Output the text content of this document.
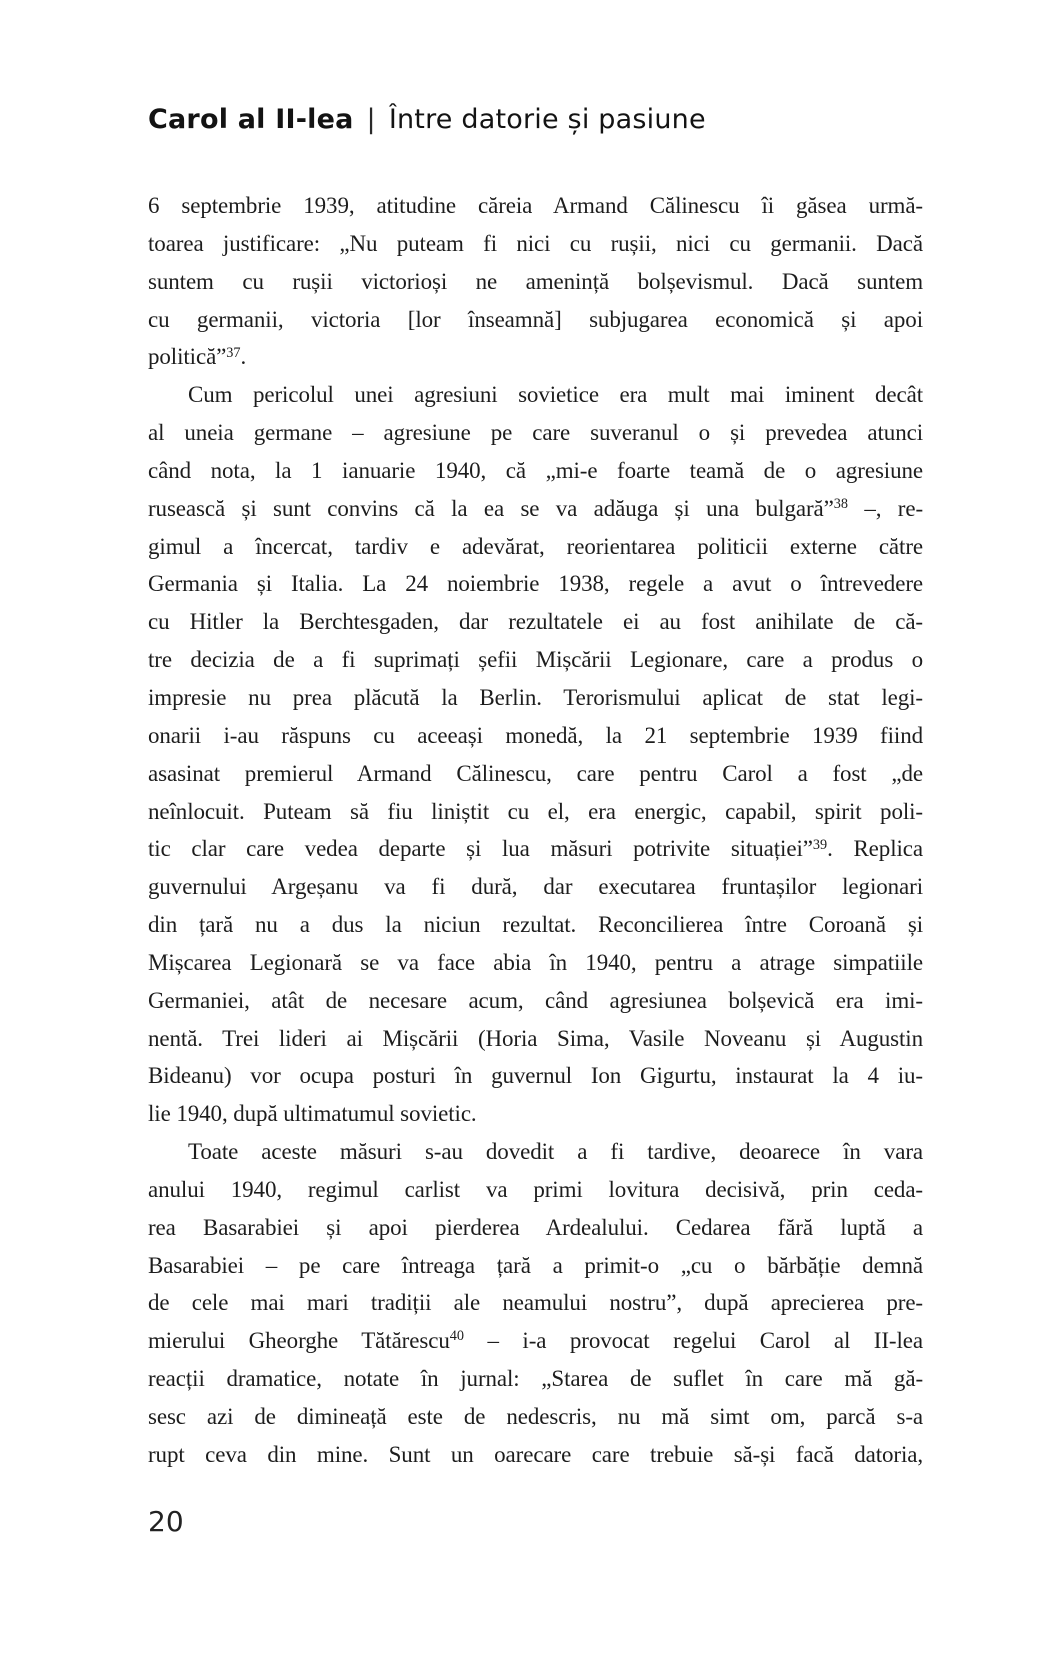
Carol al II-lea | Între datorie și pasiune

6 septembrie 1939, atitudine căreia Armand Călinescu îi găsea urmă-
toarea justificare: „Nu puteam fi nici cu rușii, nici cu germanii. Dacă
suntem cu rușii victorioși ne amenință bolșevismul. Dacă suntem
cu germanii, victoria [lor înseamnă] subjugarea economică și apoi
politică”$^{37}$.

Cum pericolul unei agresiuni sovietice era mult mai iminent decât
al uneia germane – agresiune pe care suveranul o și prevedea atunci
când nota, la 1 ianuarie 1940, că „mi-e foarte teamă de o agresiune
rusească și sunt convins că la ea se va adăuga și una bulgară”$^{38}$ –, re-
gimul a încercat, tardiv e adevărat, reorientarea politicii externe către
Germania și Italia. La 24 noiembrie 1938, regele a avut o întrevedere
cu Hitler la Berchtesgaden, dar rezultatele ei au fost anihilate de că-
tre decizia de a fi suprimați șefii Mișcării Legionare, care a produs o
impresie nu prea plăcută la Berlin. Terorismului aplicat de stat legi-
onarii i-au răspuns cu aceeași monedă, la 21 septembrie 1939 fiind
asasinat premierul Armand Călinescu, care pentru Carol a fost „de
neînlocuit. Puteam să fiu liniștit cu el, era energic, capabil, spirit poli-
tic clar care vedea departe și lua măsuri potrivite situației”$^{39}$. Replica
guvernului Argeșanu va fi dură, dar executarea fruntașilor legionari
din țară nu a dus la niciun rezultat. Reconcilierea între Coroană și
Mișcarea Legionară se va face abia în 1940, pentru a atrage simpatiile
Germaniei, atât de necesare acum, când agresiunea bolșevică era imi-
nentă. Trei lideri ai Mișcării (Horia Sima, Vasile Noveanu și Augustin
Bideanu) vor ocupa posturi în guvernul Ion Gigurtu, instaurat la 4 iu-
lie 1940, după ultimatumul sovietic.

Toate aceste măsuri s-au dovedit a fi tardive, deoarece în vara
anului 1940, regimul carlist va primi lovitura decisivă, prin ceda-
rea Basarabiei și apoi pierderea Ardealului. Cedarea fără luptă a
Basarabiei – pe care întreaga țară a primit-o „cu o bărbăție demnă
de cele mai mari tradiții ale neamului nostru”, după aprecierea pre-
mierului Gheorghe Tătărescu$^{40}$ – i-a provocat regelui Carol al II-lea
reacții dramatice, notate în jurnal: „Starea de suflet în care mă gă-
sesc azi de dimineață este de nedescris, nu mă simt om, parcă s-a
rupt ceva din mine. Sunt un oarecare care trebuie să-și facă datoria,

20
